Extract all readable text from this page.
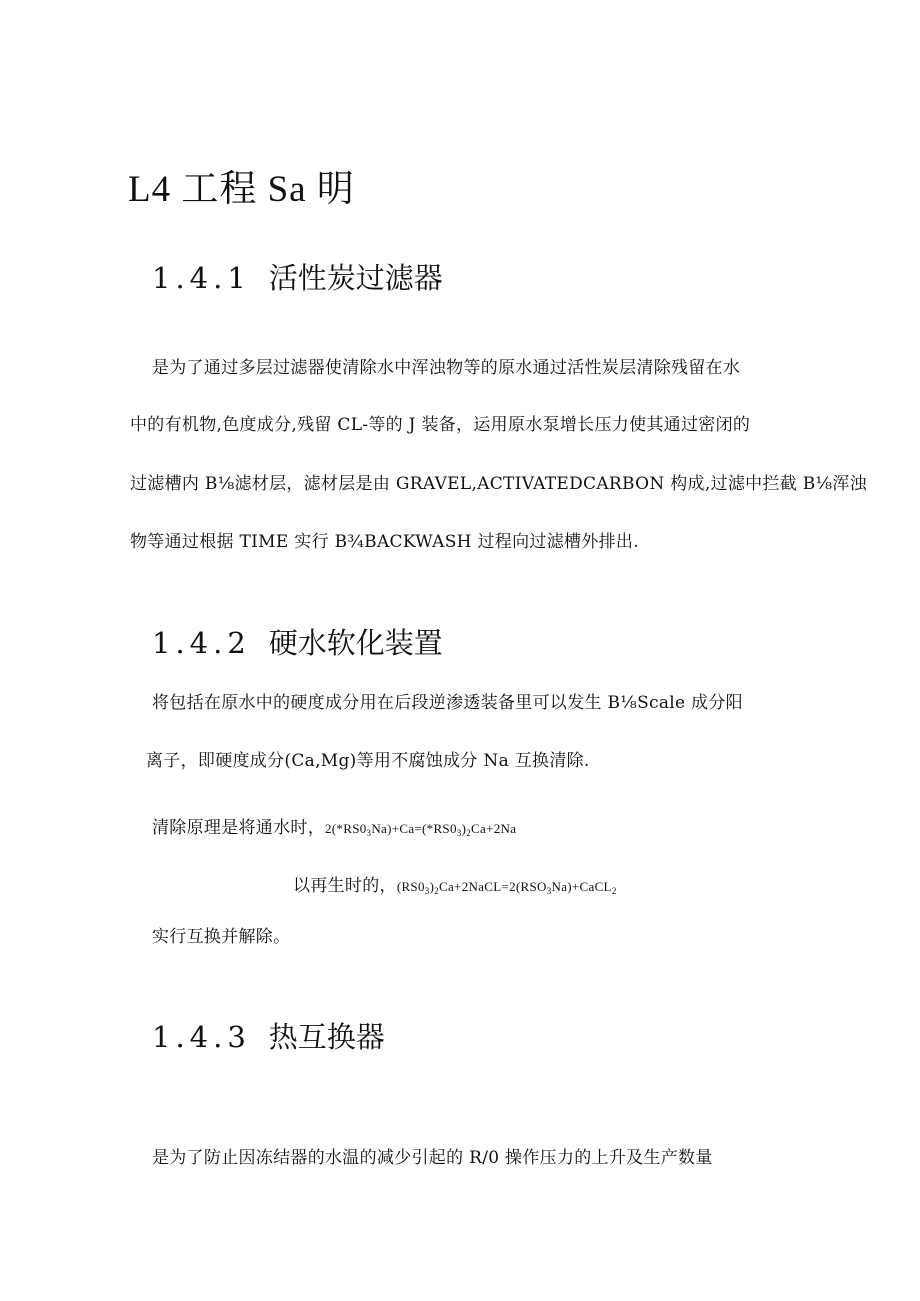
L4 工程 Sa 明
1.4.1 活性炭过滤器
是为了通过多层过滤器使清除水中浑浊物等的原水通过活性炭层清除残留在水
中的有机物,色度成分,残留 CL-等的 J 装备，运用原水泵增长压力使其通过密闭的
过滤槽内 B⅛滤材层，滤材层是由 GRAVEL,ACTIVATEDCARBON 构成,过滤中拦截 B⅛浑浊
物等通过根据 TIME 实行 B¾BACKWASH 过程向过滤槽外排出.
1.4.2 硬水软化装置
将包括在原水中的硬度成分用在后段逆渗透装备里可以发生 B⅛Scale 成分阳
离子，即硬度成分(Ca,Mg)等用不腐蚀成分 Na 互换清除.
清除原理是将通水时，$2(*RS0_3Na)+Ca=(*RS0_3)_2Ca+2Na$
以再生时的，$(RS0_3)_2Ca+2NaCL=2(RSO_3Na)+CaCL_2$
实行互换并解除。
1.4.3 热互换器
是为了防止因冻结器的水温的减少引起的 R/0 操作压力的上升及生产数量
